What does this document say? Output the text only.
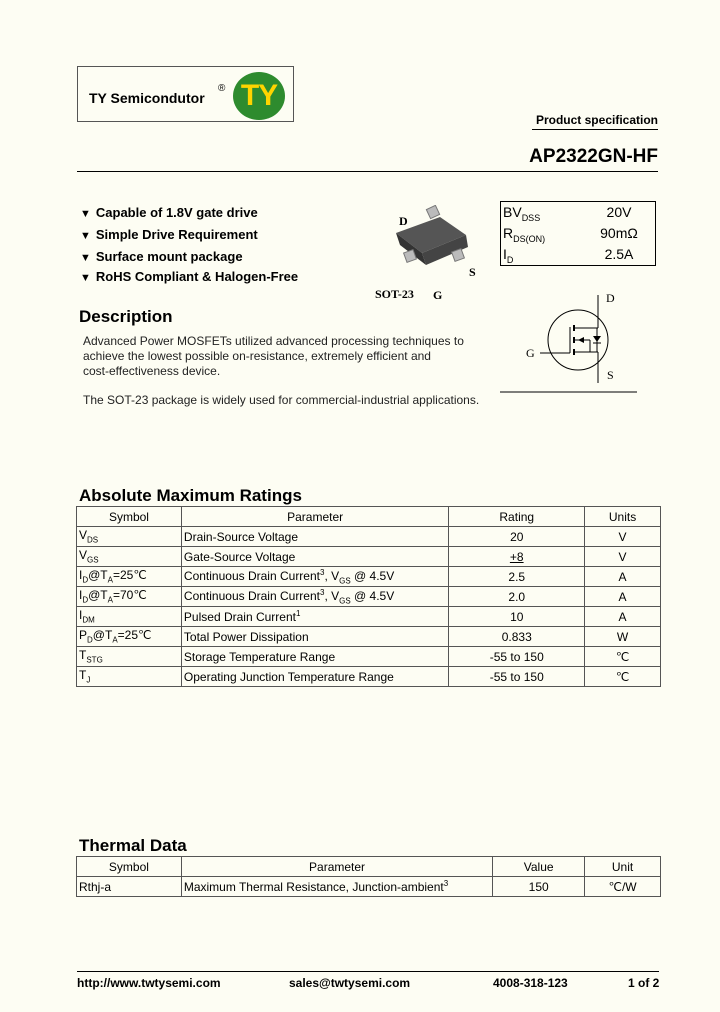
TY Semicondutor
® TY
Product specification
AP2322GN-HF
▼ Capable of 1.8V gate drive
▼ Simple Drive Requirement
▼ Surface mount package
▼ RoHS Compliant & Halogen-Free
D
S
SOT-23 G
$BV_{DSS}$	20V
$R_{DS(ON)}$	90mΩ
$I_D$	2.5A
D
G
S
Description
Advanced Power MOSFETs utilized advanced processing techniques to
achieve the lowest possible on-resistance, extremely efficient and
cost-effectiveness device.
The SOT-23 package is widely used for commercial-industrial applications.
Absolute Maximum Ratings
Symbol	Parameter	Rating	Units
$V_{DS}$	Drain-Source Voltage	20	V
$V_{GS}$	Gate-Source Voltage	+8	V
$I_D@T_A=25℃$	Continuous Drain Current$^3$, $V_{GS}$ @ 4.5V	2.5	A
$I_D@T_A=70℃$	Continuous Drain Current$^3$, $V_{GS}$ @ 4.5V	2.0	A
$I_{DM}$	Pulsed Drain Current$^1$	10	A
$P_D@T_A=25℃$	Total Power Dissipation	0.833	W
$T_{STG}$	Storage Temperature Range	-55 to 150	℃
$T_J$	Operating Junction Temperature Range	-55 to 150	℃
Thermal Data
Symbol	Parameter	Value	Unit
Rthj-a	Maximum Thermal Resistance, Junction-ambient$^3$	150	℃/W
http://www.twtysemi.com	sales@twtysemi.com	4008-318-123	1 of 2
